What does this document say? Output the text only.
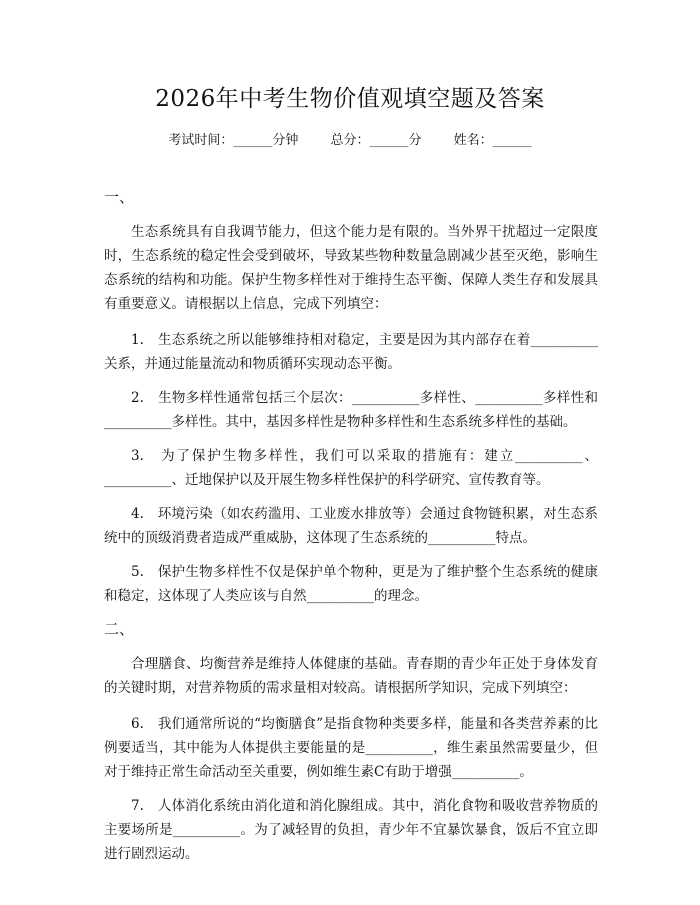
2026年中考生物价值观填空题及答案
考试时间：______分钟 总分：______分 姓名：______
一、

生态系统具有自我调节能力，但这个能力是有限的。当外界干扰超过一定限度时，生态系统的稳定性会受到破坏，导致某些物种数量急剧减少甚至灭绝，影响生态系统的结构和功能。保护生物多样性对于维持生态平衡、保障人类生存和发展具有重要意义。请根据以上信息，完成下列填空：

1.　生态系统之所以能够维持相对稳定，主要是因为其内部存在着__________关系，并通过能量流动和物质循环实现动态平衡。

2.　生物多样性通常包括三个层次：__________多样性、__________多样性和__________多样性。其中，基因多样性是物种多样性和生态系统多样性的基础。

3.　为了保护生物多样性，我们可以采取的措施有：建立__________、__________、迁地保护以及开展生物多样性保护的科学研究、宣传教育等。

4.　环境污染（如农药滥用、工业废水排放等）会通过食物链积累，对生态系统中的顶级消费者造成严重威胁，这体现了生态系统的__________特点。

5.　保护生物多样性不仅是保护单个物种，更是为了维护整个生态系统的健康和稳定，这体现了人类应该与自然__________的理念。

二、

合理膳食、均衡营养是维持人体健康的基础。青春期的青少年正处于身体发育的关键时期，对营养物质的需求量相对较高。请根据所学知识，完成下列填空：

6.　我们通常所说的“均衡膳食”是指食物种类要多样，能量和各类营养素的比例要适当，其中能为人体提供主要能量的是__________，维生素虽然需要量少，但对于维持正常生命活动至关重要，例如维生素C有助于增强__________。

7.　人体消化系统由消化道和消化腺组成。其中，消化食物和吸收营养物质的主要场所是__________。为了减轻胃的负担，青少年不宜暴饮暴食，饭后不宜立即进行剧烈运动。
